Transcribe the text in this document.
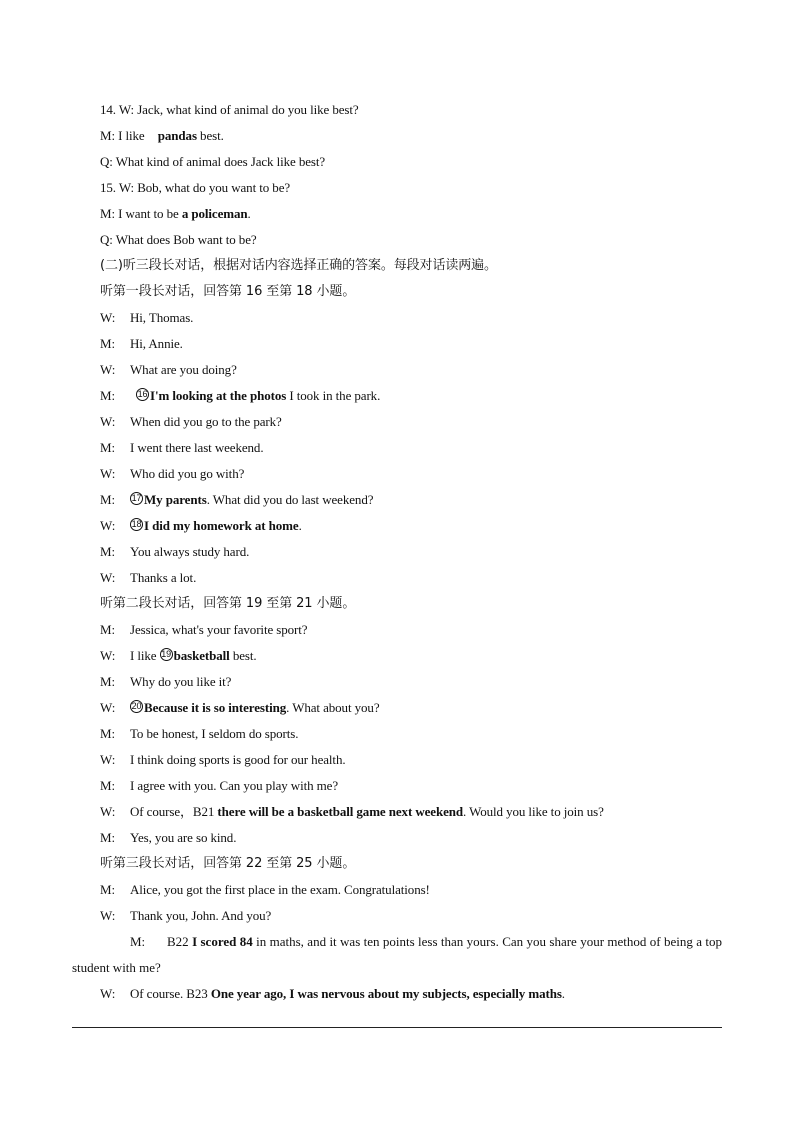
14. W: Jack, what kind of animal do you like best?
M: I like pandas best.
Q: What kind of animal does Jack like best?
15. W: Bob, what do you want to be?
M: I want to be a policeman.
Q: What does Bob want to be?
(二)听三段长对话，根据对话内容选择正确的答案。每段对话读两遍。
听第一段长对话，回答第 16 至第 18 小题。
W: Hi, Thomas.
M: Hi, Annie.
W: What are you doing?
M:	16 I'm looking at the photos I took in the park.
W: When did you go to the park?
M: I went there last weekend.
W: Who did you go with?
M: 17 My parents. What did you do last weekend?
W: 18 I did my homework at home.
M: You always study hard.
W: Thanks a lot.
听第二段长对话，回答第 19 至第 21 小题。
M: Jessica, what's your favorite sport?
W: I like 19 basketball best.
M: Why do you like it?
W: 20 Because it is so interesting. What about you?
M: To be honest, I seldom do sports.
W: I think doing sports is good for our health.
M: I agree with you. Can you play with me?
W: Of course，B21 there will be a basketball game next weekend. Would you like to join us?
M: Yes, you are so kind.
听第三段长对话，回答第 22 至第 25 小题。
M: Alice, you got the first place in the exam. Congratulations!
W: Thank you, John. And you?
M: B22 I scored 84 in maths, and it was ten points less than yours. Can you share your method of being a top student with me?
W: Of course. B23 One year ago, I was nervous about my subjects, especially maths.
